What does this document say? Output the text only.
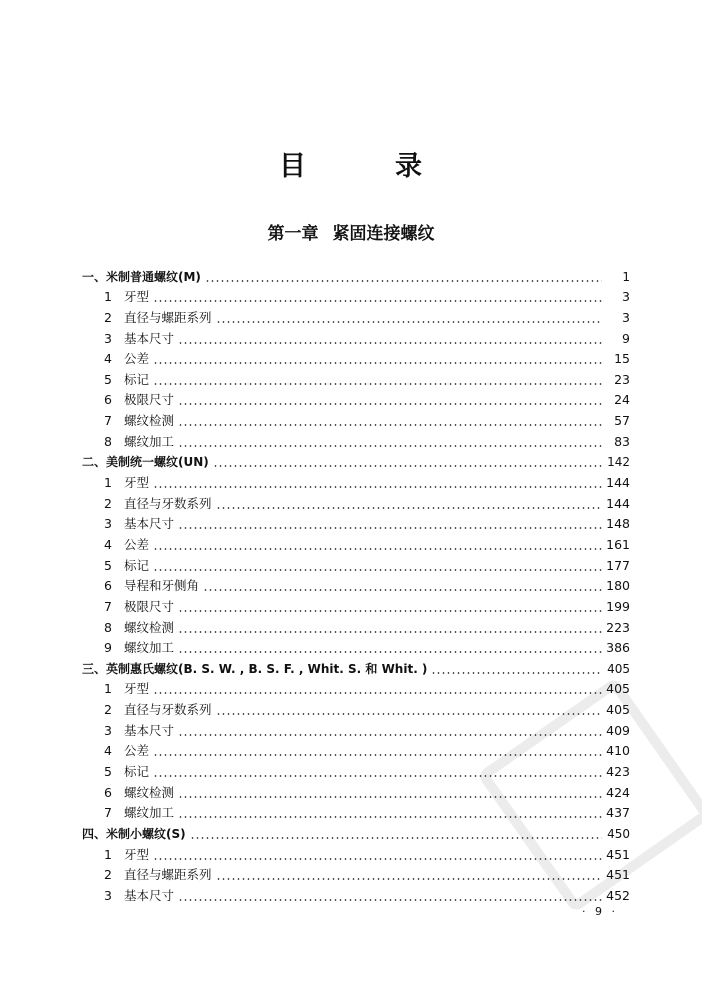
目	录
第一章 紧固连接螺纹
一、米制普通螺纹(M)	1
1 牙型	3
2 直径与螺距系列	3
3 基本尺寸	9
4 公差	15
5 标记	23
6 极限尺寸	24
7 螺纹检测	57
8 螺纹加工	83
二、美制统一螺纹(UN)	142
1 牙型	144
2 直径与牙数系列	144
3 基本尺寸	148
4 公差	161
5 标记	177
6 导程和牙侧角	180
7 极限尺寸	199
8 螺纹检测	223
9 螺纹加工	386
三、英制惠氏螺纹(B. S. W. , B. S. F. , Whit. S. 和 Whit. )	405
1 牙型	405
2 直径与牙数系列	405
3 基本尺寸	409
4 公差	410
5 标记	423
6 螺纹检测	424
7 螺纹加工	437
四、米制小螺纹(S)	450
1 牙型	451
2 直径与螺距系列	451
3 基本尺寸	452
· 9 ·
